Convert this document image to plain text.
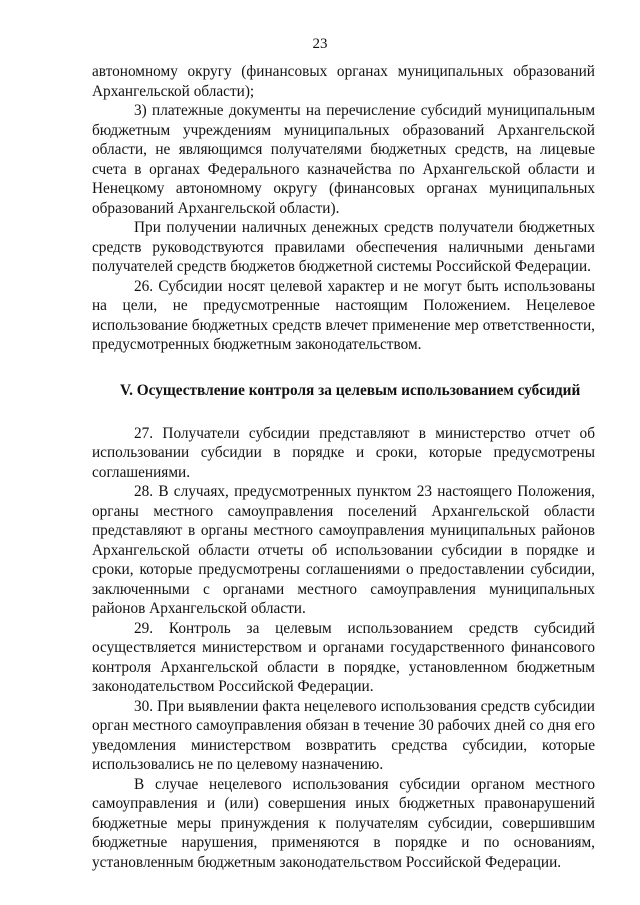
23

автономному округу (финансовых органах муниципальных образований Архангельской области);

3) платежные документы на перечисление субсидий муниципальным бюджетным учреждениям муниципальных образований Архангельской области, не являющимся получателями бюджетных средств, на лицевые счета в органах Федерального казначейства по Архангельской области и Ненецкому автономному округу (финансовых органах муниципальных образований Архангельской области).

При получении наличных денежных средств получатели бюджетных средств руководствуются правилами обеспечения наличными деньгами получателей средств бюджетов бюджетной системы Российской Федерации.

26. Субсидии носят целевой характер и не могут быть использованы на цели, не предусмотренные настоящим Положением. Нецелевое использование бюджетных средств влечет применение мер ответственности, предусмотренных бюджетным законодательством.

V. Осуществление контроля за целевым использованием субсидий

27. Получатели субсидии представляют в министерство отчет об использовании субсидии в порядке и сроки, которые предусмотрены соглашениями.

28. В случаях, предусмотренных пунктом 23 настоящего Положения, органы местного самоуправления поселений Архангельской области представляют в органы местного самоуправления муниципальных районов Архангельской области отчеты об использовании субсидии в порядке и сроки, которые предусмотрены соглашениями о предоставлении субсидии, заключенными с органами местного самоуправления муниципальных районов Архангельской области.

29. Контроль за целевым использованием средств субсидий осуществляется министерством и органами государственного финансового контроля Архангельской области в порядке, установленном бюджетным законодательством Российской Федерации.

30. При выявлении факта нецелевого использования средств субсидии орган местного самоуправления обязан в течение 30 рабочих дней со дня его уведомления министерством возвратить средства субсидии, которые использовались не по целевому назначению.

В случае нецелевого использования субсидии органом местного самоуправления и (или) совершения иных бюджетных правонарушений бюджетные меры принуждения к получателям субсидии, совершившим бюджетные нарушения, применяются в порядке и по основаниям, установленным бюджетным законодательством Российской Федерации.
